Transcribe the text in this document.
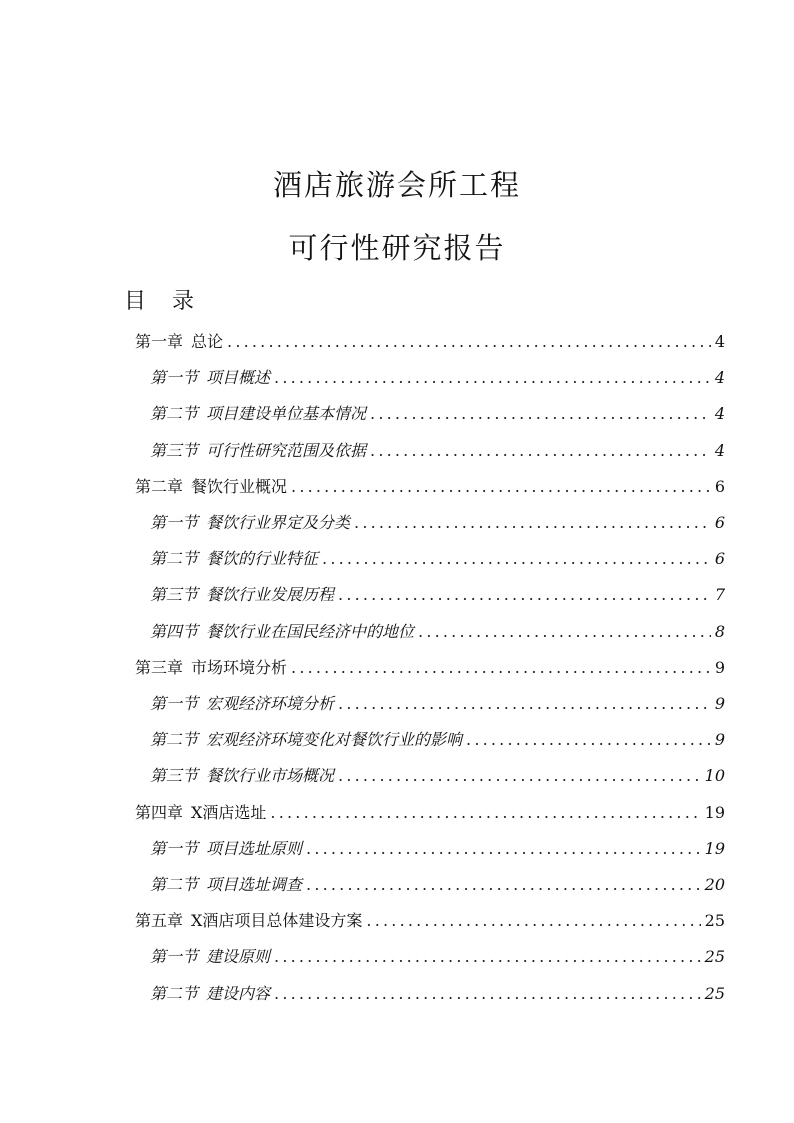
酒店旅游会所工程
可行性研究报告
目 录
第一章 总论 .....	4
第一节 项目概述 .....	4
第二节 项目建设单位基本情况 .....	4
第三节 可行性研究范围及依据 .....	4
第二章 餐饮行业概况 .....	6
第一节 餐饮行业界定及分类 .....	6
第二节 餐饮的行业特征 .....	6
第三节 餐饮行业发展历程 .....	7
第四节 餐饮行业在国民经济中的地位 .....	8
第三章 市场环境分析 .....	9
第一节 宏观经济环境分析 .....	9
第二节 宏观经济环境变化对餐饮行业的影响 .....	9
第三节 餐饮行业市场概况 .....	10
第四章 X酒店选址 .....	19
第一节 项目选址原则 .....	19
第二节 项目选址调查 .....	20
第五章 X酒店项目总体建设方案 .....	25
第一节 建设原则 .....	25
第二节 建设内容 .....	25
